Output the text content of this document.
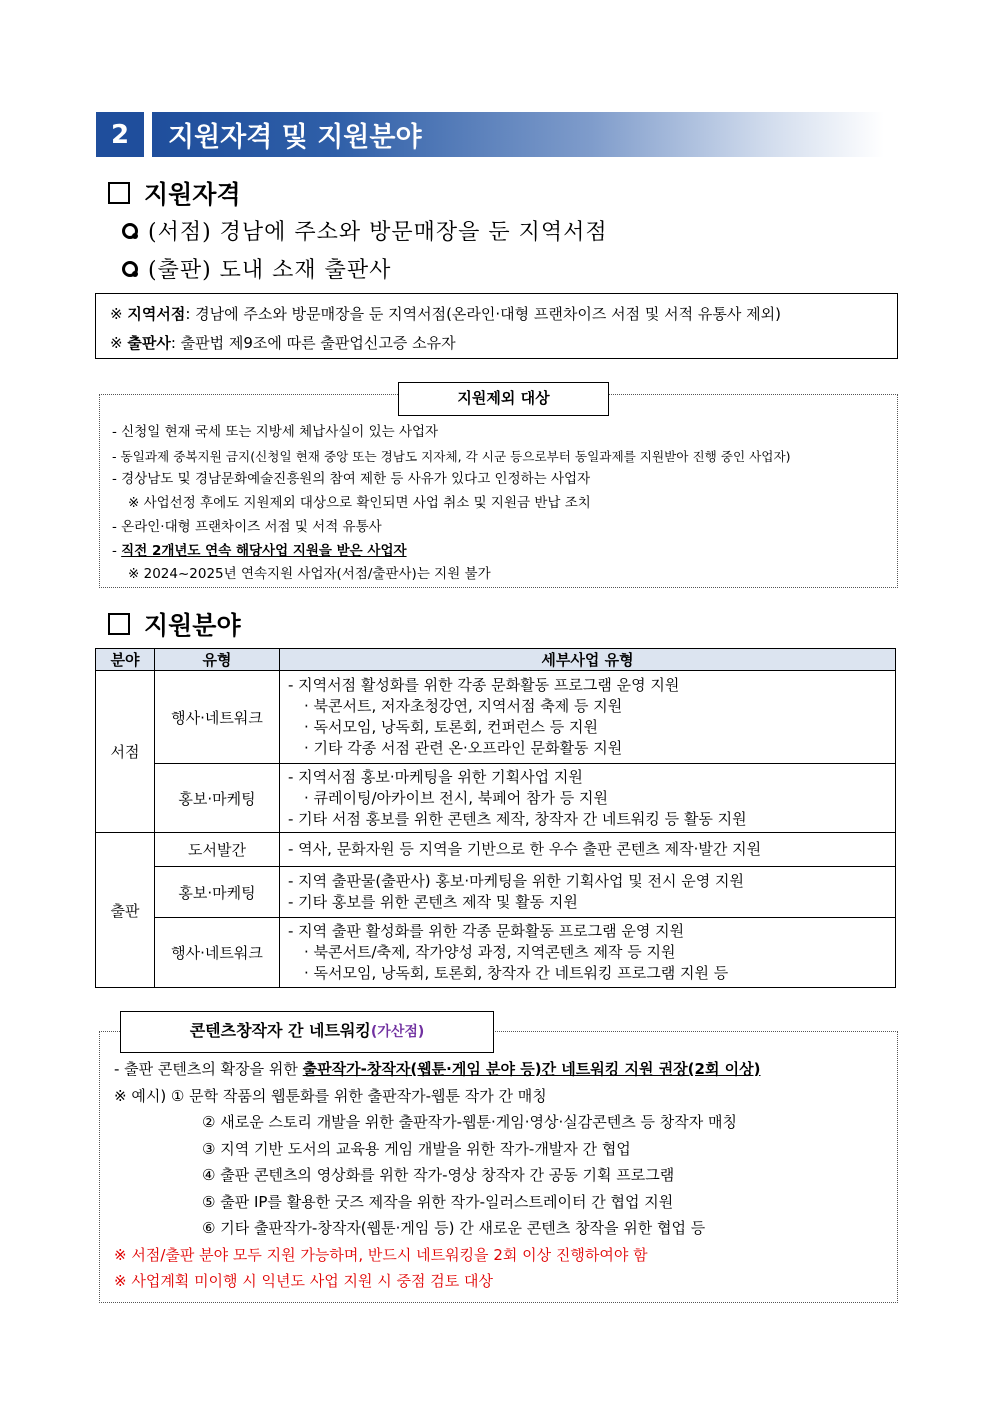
2	지원자격 및 지원분야
지원자격
(서점) 경남에 주소와 방문매장을 둔 지역서점
(출판) 도내 소재 출판사
※ 지역서점: 경남에 주소와 방문매장을 둔 지역서점(온라인·대형 프랜차이즈 서점 및 서적 유통사 제외)
※ 출판사: 출판법 제9조에 따른 출판업신고증 소유자
지원제외 대상
- 신청일 현재 국세 또는 지방세 체납사실이 있는 사업자
- 동일과제 중복지원 금지(신청일 현재 중앙 또는 경남도 지자체, 각 시군 등으로부터 동일과제를 지원받아 진행 중인 사업자)
- 경상남도 및 경남문화예술진흥원의 참여 제한 등 사유가 있다고 인정하는 사업자
※ 사업선정 후에도 지원제외 대상으로 확인되면 사업 취소 및 지원금 반납 조치
- 온라인·대형 프랜차이즈 서점 및 서적 유통사
- 직전 2개년도 연속 해당사업 지원을 받은 사업자
※ 2024~2025년 연속지원 사업자(서점/출판사)는 지원 불가
지원분야
분야	유형	세부사업 유형
서점	행사·네트워크	- 지역서점 활성화를 위한 각종 문화활동 프로그램 운영 지원
· 북콘서트, 저자초청강연, 지역서점 축제 등 지원
· 독서모임, 낭독회, 토론회, 컨퍼런스 등 지원
· 기타 각종 서점 관련 온·오프라인 문화활동 지원

	홍보·마케팅	- 지역서점 홍보·마케팅을 위한 기획사업 지원
· 큐레이팅/아카이브 전시, 북페어 참가 등 지원
- 기타 서점 홍보를 위한 콘텐츠 제작, 창작자 간 네트워킹 등 활동 지원

출판	도서발간	- 역사, 문화자원 등 지역을 기반으로 한 우수 출판 콘텐츠 제작·발간 지원

	홍보·마케팅	- 지역 출판물(출판사) 홍보·마케팅을 위한 기획사업 및 전시 운영 지원
- 기타 홍보를 위한 콘텐츠 제작 및 활동 지원

	행사·네트워크	- 지역 출판 활성화를 위한 각종 문화활동 프로그램 운영 지원
· 북콘서트/축제, 작가양성 과정, 지역콘텐츠 제작 등 지원
· 독서모임, 낭독회, 토론회, 창작자 간 네트워킹 프로그램 지원 등
콘텐츠창작자 간 네트워킹(가산점)
- 출판 콘텐츠의 확장을 위한 출판작가-창작자(웹툰·게임 분야 등)간 네트워킹 지원 권장(2회 이상)
※ 예시) ① 문학 작품의 웹툰화를 위한 출판작가-웹툰 작가 간 매칭
② 새로운 스토리 개발을 위한 출판작가-웹툰·게임·영상·실감콘텐츠 등 창작자 매칭
③ 지역 기반 도서의 교육용 게임 개발을 위한 작가-개발자 간 협업
④ 출판 콘텐츠의 영상화를 위한 작가-영상 창작자 간 공동 기획 프로그램
⑤ 출판 IP를 활용한 굿즈 제작을 위한 작가-일러스트레이터 간 협업 지원
⑥ 기타 출판작가-창작자(웹툰·게임 등) 간 새로운 콘텐츠 창작을 위한 협업 등
※ 서점/출판 분야 모두 지원 가능하며, 반드시 네트워킹을 2회 이상 진행하여야 함
※ 사업계획 미이행 시 익년도 사업 지원 시 중점 검토 대상
